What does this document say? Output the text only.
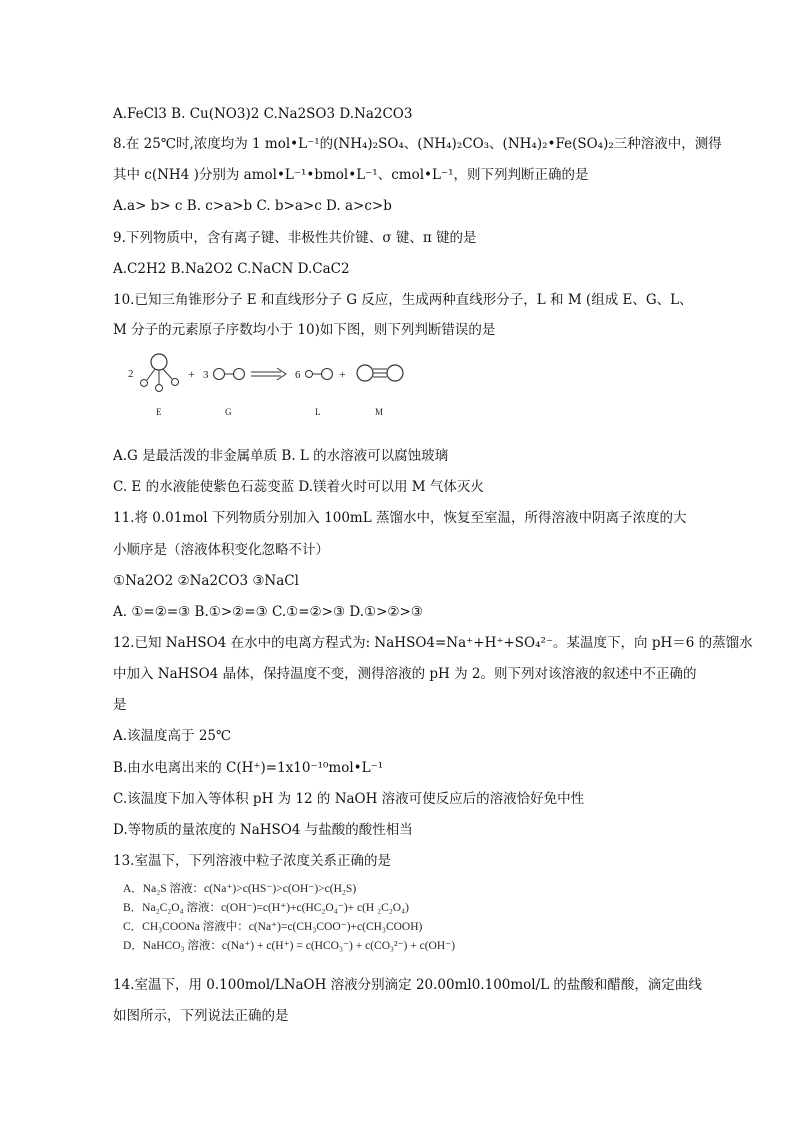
A.FeCl3 B. Cu(NO3)2 C.Na2SO3 D.Na2CO3
8.在 25℃时,浓度均为 1 mol•L⁻¹的(NH₄)₂SO₄、(NH₄)₂CO₃、(NH₄)₂•Fe(SO₄)₂三种溶液中，测得
其中 c(NH4 )分别为 amol•L⁻¹•bmol•L⁻¹、cmol•L⁻¹，则下列判断正确的是
A.a> b> c B. c>a>b C. b>a>c D. a>c>b
9.下列物质中，含有离子键、非极性共价键、σ 键、π 键的是
A.C2H2 B.Na2O2 C.NaCN D.CaC2
10.已知三角锥形分子 E 和直线形分子 G 反应，生成两种直线形分子，L 和 M (组成 E、G、L、
M 分子的元素原子序数均小于 10)如下图，则下列判断错误的是
2	+ 3	6	+
E	G	L	M
A.G 是最活泼的非金属单质 B. L 的水溶液可以腐蚀玻璃
C. E 的水液能使紫色石蕊变蓝 D.镁着火时可以用 M 气体灭火
11.将 0.01mol 下列物质分别加入 100mL 蒸馏水中，恢复至室温，所得溶液中阴离子浓度的大
小顺序是（溶液体积变化忽略不计）
①Na2O2 ②Na2CO3 ③NaCl
A. ①=②=③ B.①>②=③ C.①=②>③ D.①>②>③
12.已知 NaHSO4 在水中的电离方程式为: NaHSO4=Na⁺+H⁺+SO₄²⁻。某温度下，向 pH＝6 的蒸馏水
中加入 NaHSO4 晶体，保持温度不变，测得溶液的 pH 为 2。则下列对该溶液的叙述中不正确的
是
A.该温度高于 25℃
B.由水电离出来的 C(H⁺)=1x10⁻¹⁰mol•L⁻¹
C.该温度下加入等体积 pH 为 12 的 NaOH 溶液可使反应后的溶液恰好免中性
D.等物质的量浓度的 NaHSO4 与盐酸的酸性相当
13.室温下，下列溶液中粒子浓度关系正确的是
A．Na₂S 溶液：c(Na⁺)>c(HS⁻)>c(OH⁻)>c(H₂S)
B．Na₂C₂O₄ 溶液：c(OH⁻)=c(H⁺)+c(HC₂O₄⁻)+ c(H ₂C₂O₄)
C．CH₃COONa 溶液中：c(Na⁺)=c(CH₃COO⁻)+c(CH₃COOH)
D．NaHCO₃ 溶液：c(Na⁺) + c(H⁺) = c(HCO₃⁻) + c(CO₃²⁻) + c(OH⁻)
14.室温下，用 0.100mol/LNaOH 溶液分别滴定 20.00ml0.100mol/L 的盐酸和醋酸，滴定曲线
如图所示，下列说法正确的是
